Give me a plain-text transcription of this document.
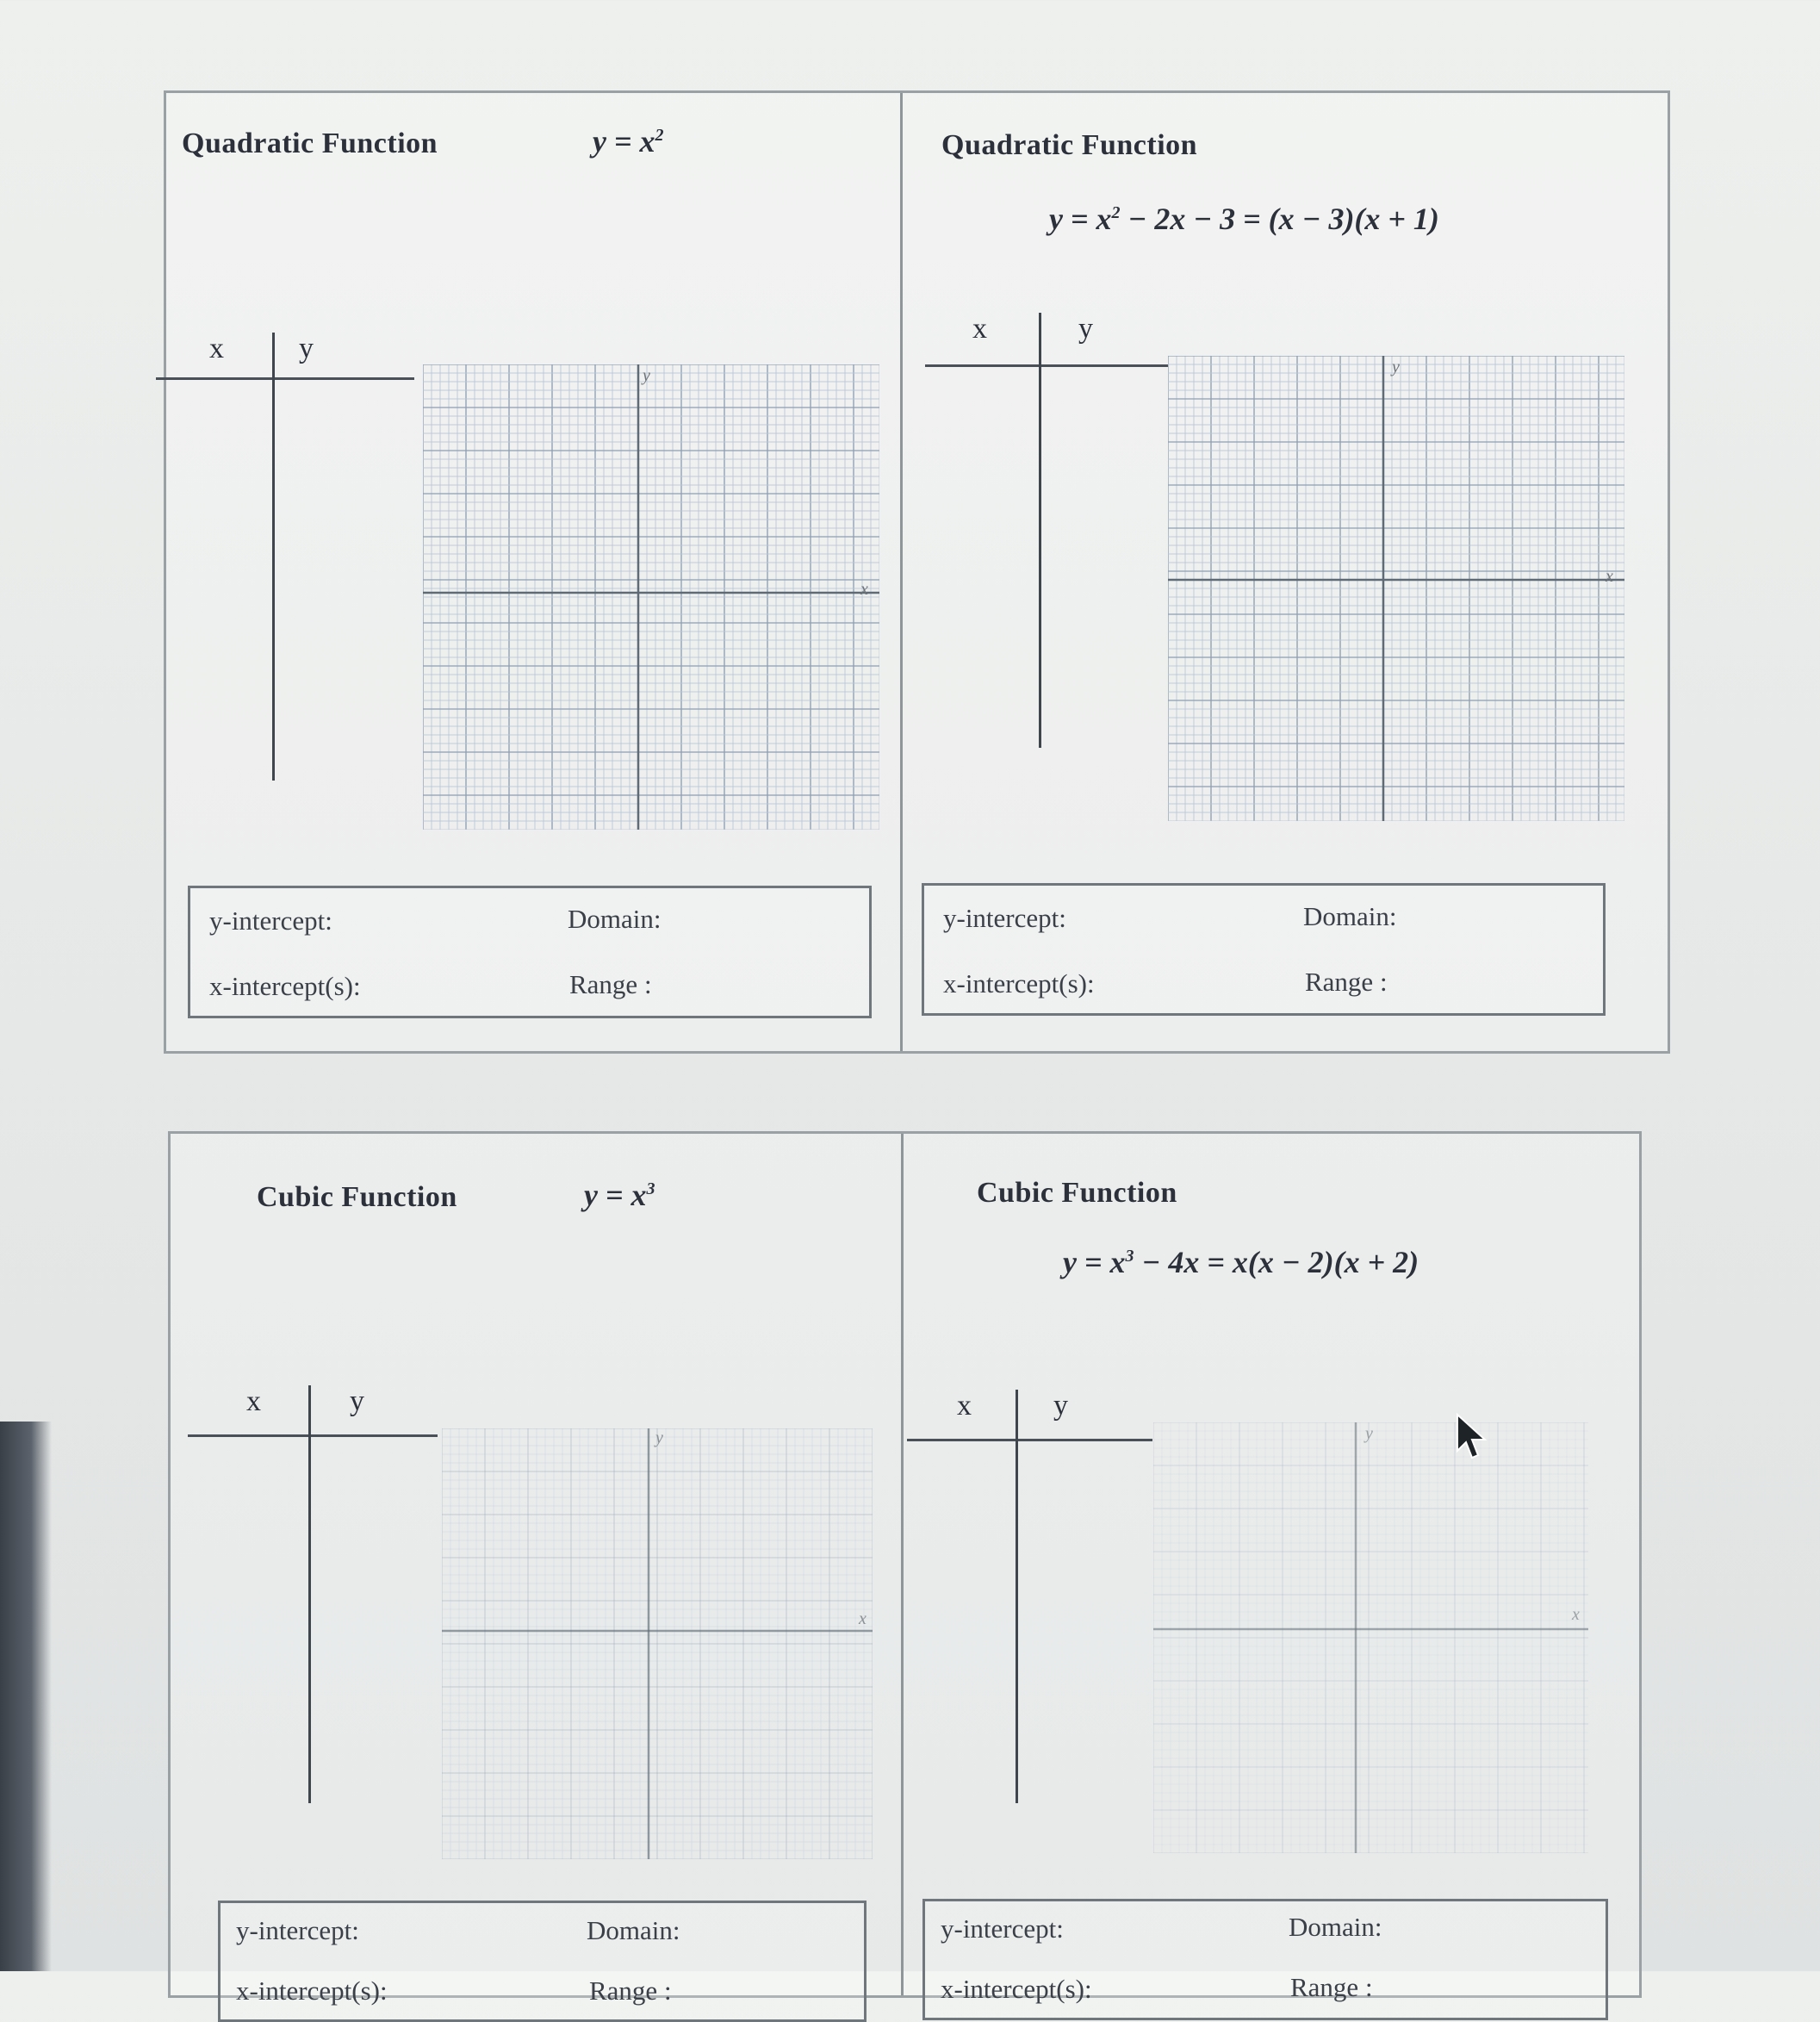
Quadratic Function	$y = x^2$
x	y
y
x
y-intercept:	Domain:
x-intercept(s):	Range :
Quadratic Function
$y = x^2 - 2x - 3 = (x - 3)(x + 1)$
x	y
y
x
y-intercept:	Domain:
x-intercept(s):	Range :
Cubic Function	$y = x^3$
x	y
y
x
y-intercept:	Domain:
x-intercept(s):	Range :
Cubic Function
$y = x^3 - 4x = x(x - 2)(x + 2)$
x	y
y
x
y-intercept:	Domain:
x-intercept(s):	Range :
